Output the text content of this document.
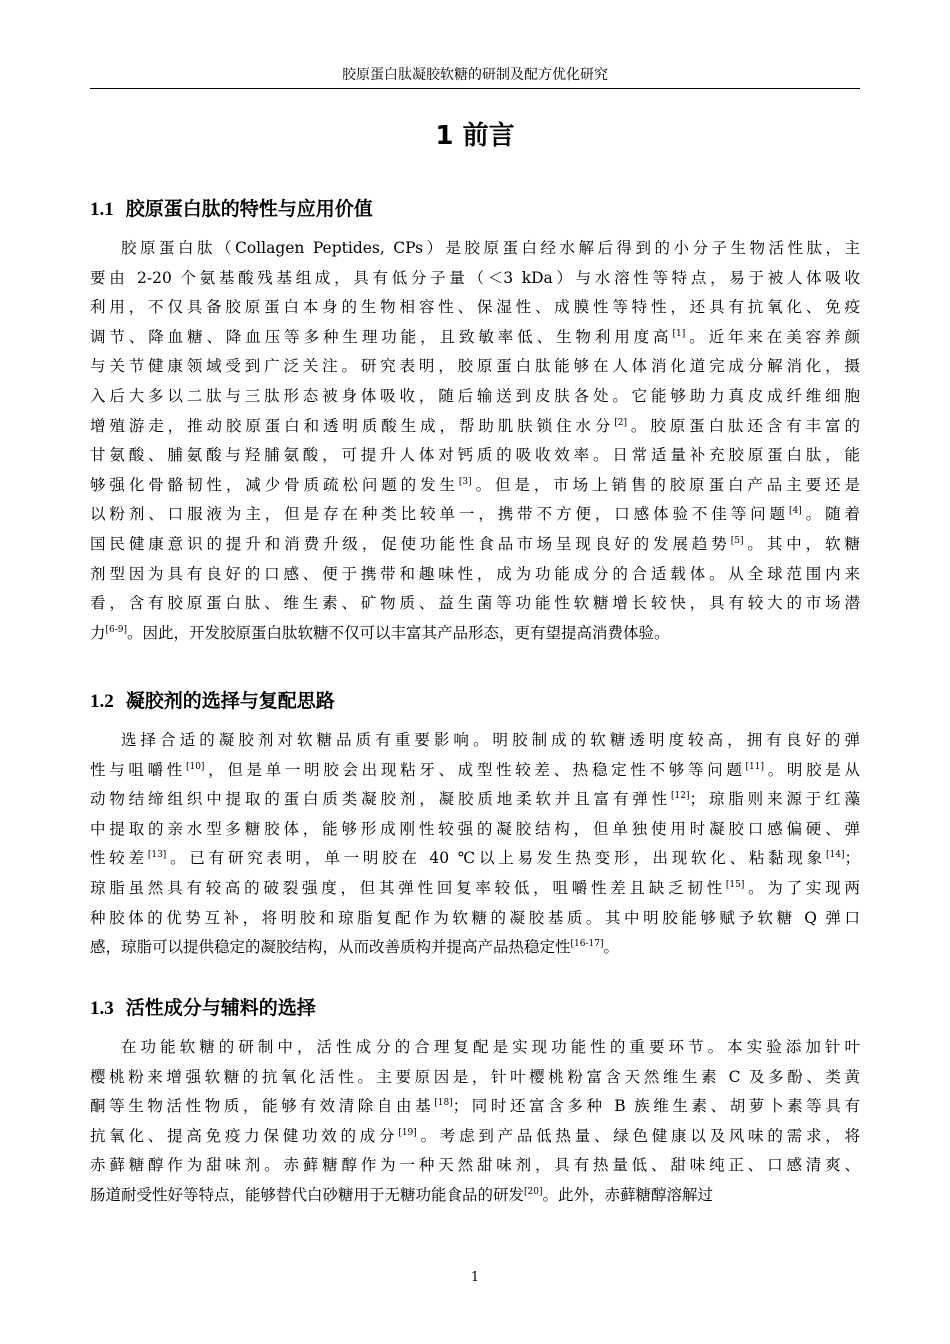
胶原蛋白肽凝胶软糖的研制及配方优化研究
1 前言
1.1 胶原蛋白肽的特性与应用价值
胶原蛋白肽（Collagen Peptides, CPs）是胶原蛋白经水解后得到的小分子生物活性肽，主
要由 2-20 个氨基酸残基组成，具有低分子量（＜3 kDa）与水溶性等特点，易于被人体吸收
利用，不仅具备胶原蛋白本身的生物相容性、保湿性、成膜性等特性，还具有抗氧化、免疫
调节、降血糖、降血压等多种生理功能，且致敏率低、生物利用度高[1]。近年来在美容养颜
与关节健康领域受到广泛关注。研究表明，胶原蛋白肽能够在人体消化道完成分解消化，摄
入后大多以二肽与三肽形态被身体吸收，随后输送到皮肤各处。它能够助力真皮成纤维细胞
增殖游走，推动胶原蛋白和透明质酸生成，帮助肌肤锁住水分[2]。胶原蛋白肽还含有丰富的
甘氨酸、脯氨酸与羟脯氨酸，可提升人体对钙质的吸收效率。日常适量补充胶原蛋白肽，能
够强化骨骼韧性，减少骨质疏松问题的发生[3]。但是，市场上销售的胶原蛋白产品主要还是
以粉剂、口服液为主，但是存在种类比较单一，携带不方便，口感体验不佳等问题[4]。随着
国民健康意识的提升和消费升级，促使功能性食品市场呈现良好的发展趋势[5]。其中，软糖
剂型因为具有良好的口感、便于携带和趣味性，成为功能成分的合适载体。从全球范围内来
看，含有胶原蛋白肽、维生素、矿物质、益生菌等功能性软糖增长较快，具有较大的市场潜
力[6-9]。因此，开发胶原蛋白肽软糖不仅可以丰富其产品形态，更有望提高消费体验。
1.2 凝胶剂的选择与复配思路
选择合适的凝胶剂对软糖品质有重要影响。明胶制成的软糖透明度较高，拥有良好的弹
性与咀嚼性[10]，但是单一明胶会出现粘牙、成型性较差、热稳定性不够等问题[11]。明胶是从
动物结缔组织中提取的蛋白质类凝胶剂，凝胶质地柔软并且富有弹性[12]；琼脂则来源于红藻
中提取的亲水型多糖胶体，能够形成刚性较强的凝胶结构，但单独使用时凝胶口感偏硬、弹
性较差[13]。已有研究表明，单一明胶在 40 ℃以上易发生热变形，出现软化、粘黏现象[14]；
琼脂虽然具有较高的破裂强度，但其弹性回复率较低，咀嚼性差且缺乏韧性[15]。为了实现两
种胶体的优势互补，将明胶和琼脂复配作为软糖的凝胶基质。其中明胶能够赋予软糖 Q 弹口
感，琼脂可以提供稳定的凝胶结构，从而改善质构并提高产品热稳定性[16-17]。
1.3 活性成分与辅料的选择
在功能软糖的研制中，活性成分的合理复配是实现功能性的重要环节。本实验添加针叶
樱桃粉来增强软糖的抗氧化活性。主要原因是，针叶樱桃粉富含天然维生素 C 及多酚、类黄
酮等生物活性物质，能够有效清除自由基[18]；同时还富含多种 B 族维生素、胡萝卜素等具有
抗氧化、提高免疫力保健功效的成分[19]。考虑到产品低热量、绿色健康以及风味的需求，将
赤藓糖醇作为甜味剂。赤藓糖醇作为一种天然甜味剂，具有热量低、甜味纯正、口感清爽、
肠道耐受性好等特点，能够替代白砂糖用于无糖功能食品的研发[20]。此外，赤藓糖醇溶解过
1
